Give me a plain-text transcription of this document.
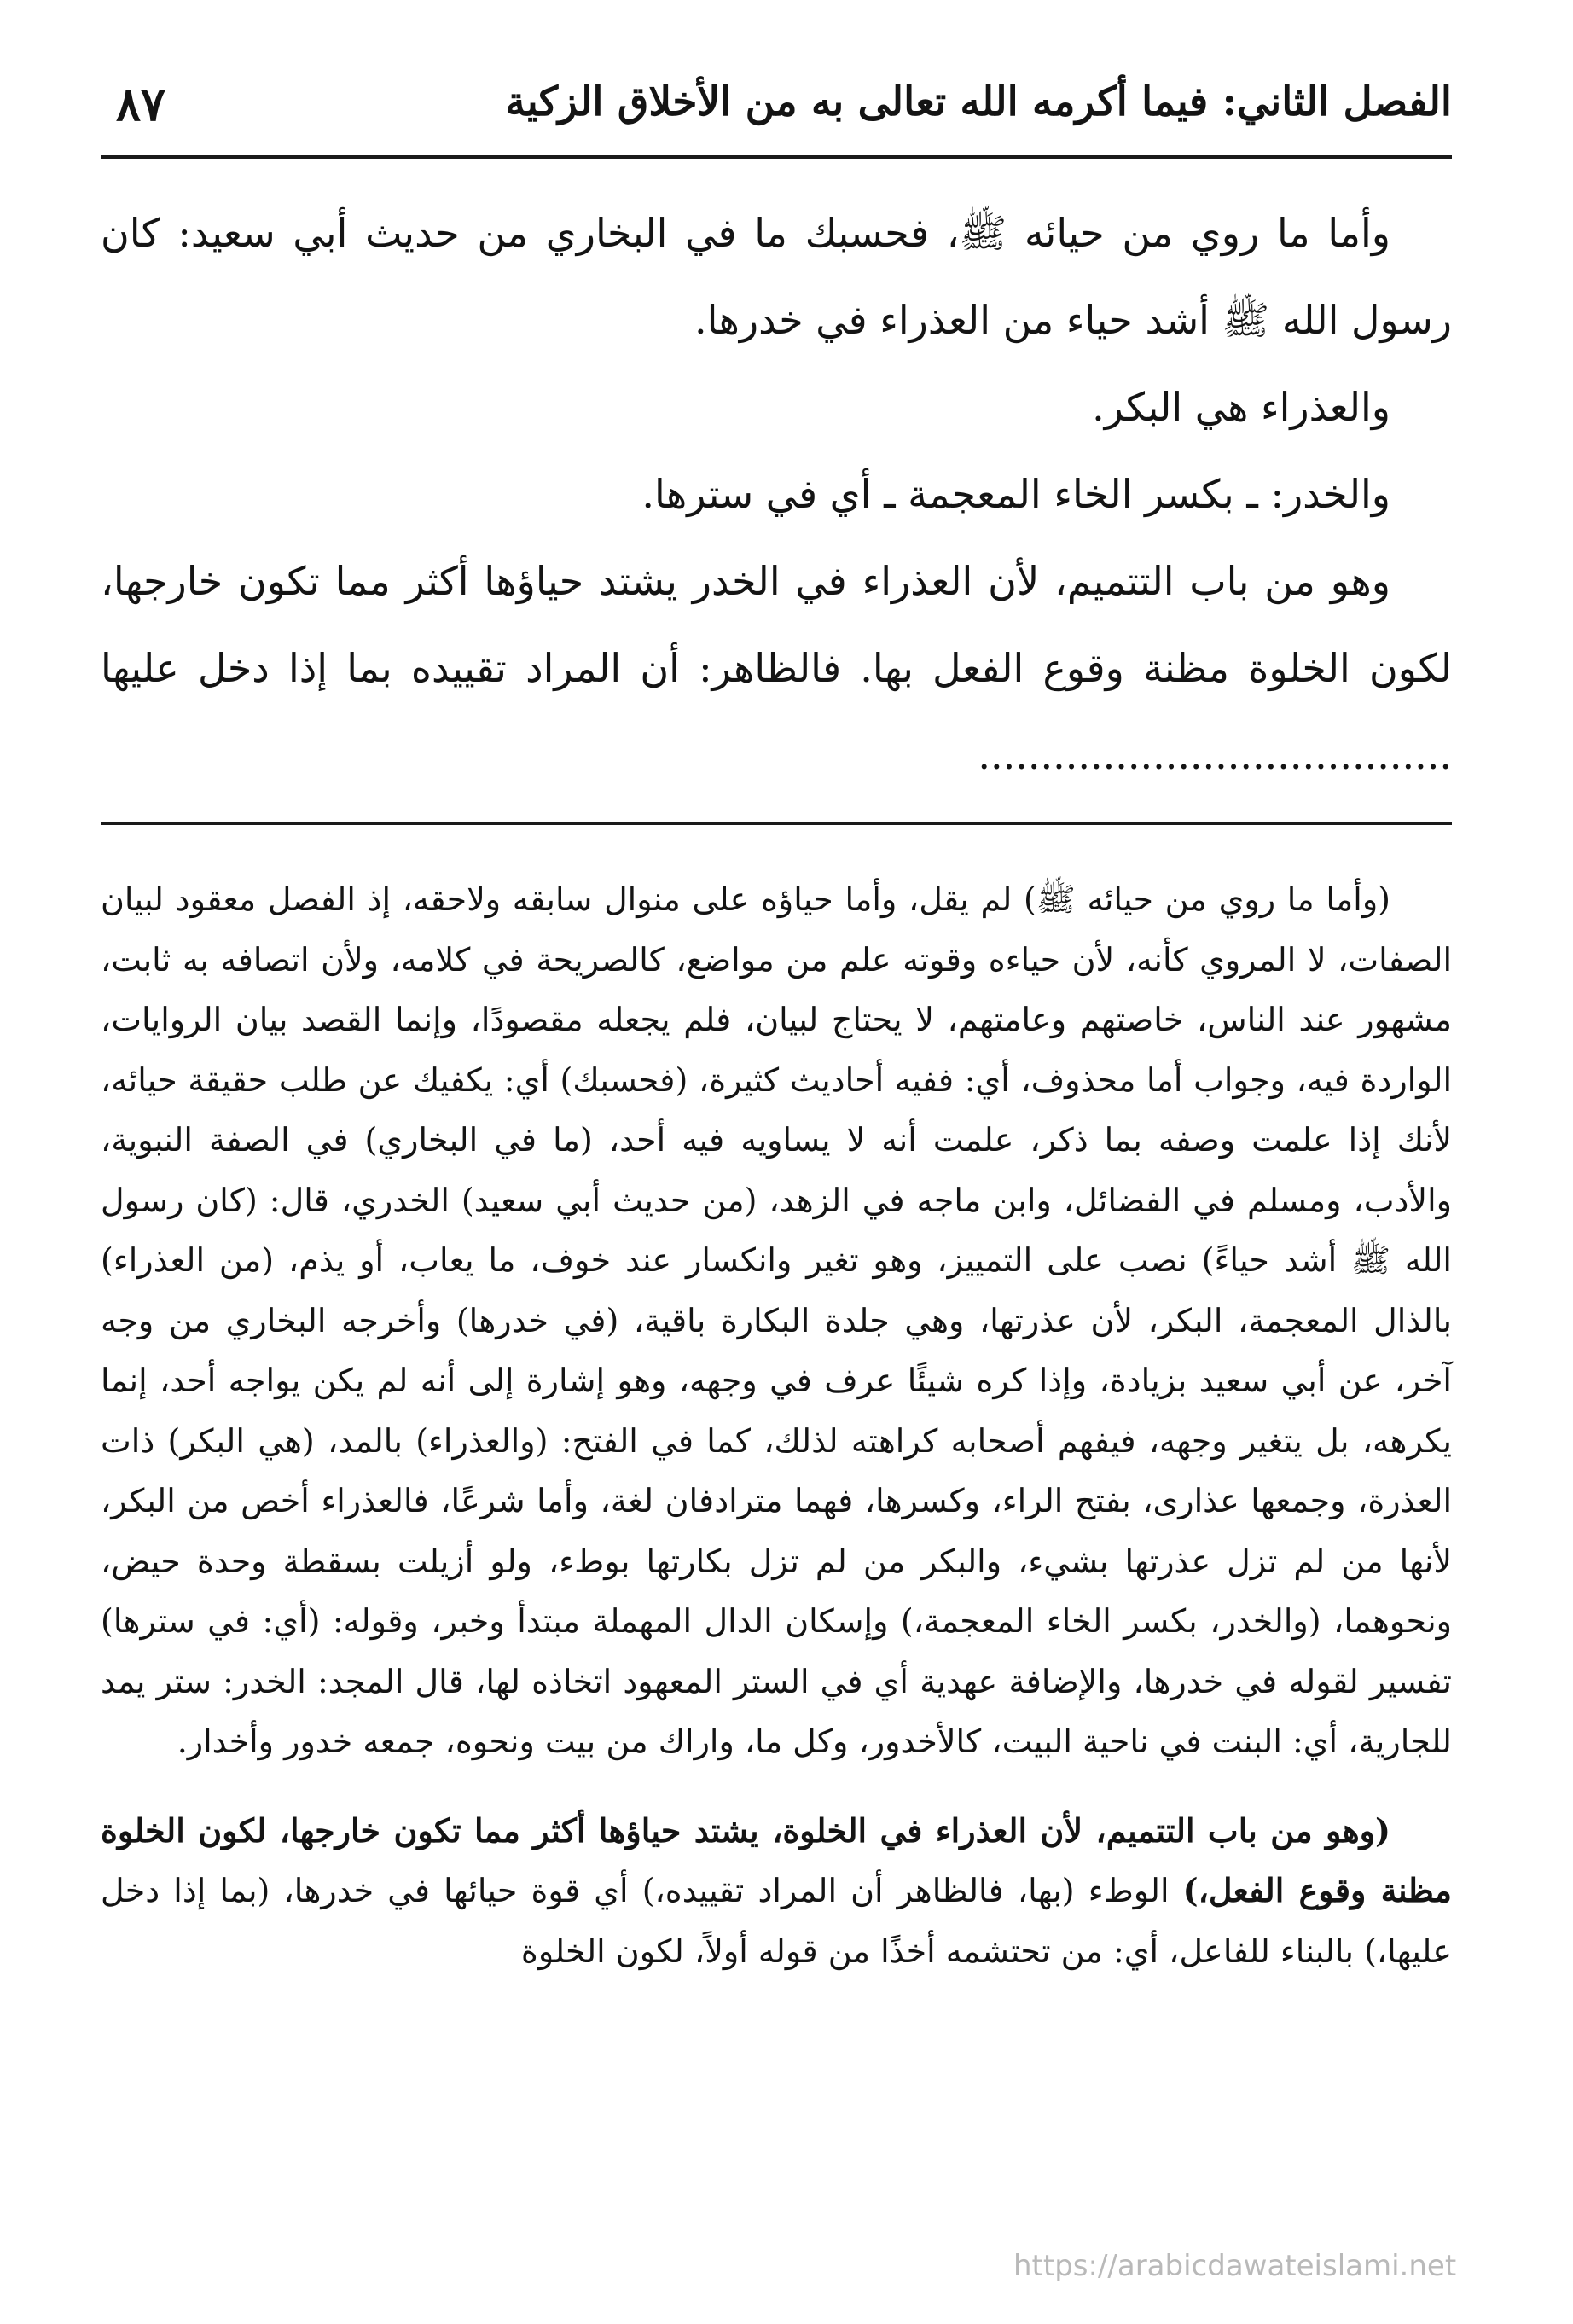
الفصل الثاني: فيما أكرمه الله تعالى به من الأخلاق الزكية
٨٧

وأما ما روي من حيائه ﷺ، فحسبك ما في البخاري من حديث أبي سعيد: كان رسول الله ﷺ أشد حياء من العذراء في خدرها.

والعذراء هي البكر.

والخدر: ـ بكسر الخاء المعجمة ـ أي في سترها.

وهو من باب التتميم، لأن العذراء في الخدر يشتد حياؤها أكثر مما تكون خارجها، لكون الخلوة مظنة وقوع الفعل بها. فالظاهر: أن المراد تقييده بما إذا دخل عليها ......................................

(وأما ما روي من حيائه ﷺ) لم يقل، وأما حياؤه على منوال سابقه ولاحقه، إذ الفصل معقود لبيان الصفات، لا المروي كأنه، لأن حياءه وقوته علم من مواضع، كالصريحة في كلامه، ولأن اتصافه به ثابت، مشهور عند الناس، خاصتهم وعامتهم، لا يحتاج لبيان، فلم يجعله مقصودًا، وإنما القصد بيان الروايات، الواردة فيه، وجواب أما محذوف، أي: ففيه أحاديث كثيرة، (فحسبك) أي: يكفيك عن طلب حقيقة حيائه، لأنك إذا علمت وصفه بما ذكر، علمت أنه لا يساويه فيه أحد، (ما في البخاري) في الصفة النبوية، والأدب، ومسلم في الفضائل، وابن ماجه في الزهد، (من حديث أبي سعيد) الخدري، قال: (كان رسول الله ﷺ أشد حياءً) نصب على التمييز، وهو تغير وانكسار عند خوف، ما يعاب، أو يذم، (من العذراء) بالذال المعجمة، البكر، لأن عذرتها، وهي جلدة البكارة باقية، (في خدرها) وأخرجه البخاري من وجه آخر، عن أبي سعيد بزيادة، وإذا كره شيئًا عرف في وجهه، وهو إشارة إلى أنه لم يكن يواجه أحد، إنما يكرهه، بل يتغير وجهه، فيفهم أصحابه كراهته لذلك، كما في الفتح: (والعذراء) بالمد، (هي البكر) ذات العذرة، وجمعها عذارى، بفتح الراء، وكسرها، فهما مترادفان لغة، وأما شرعًا، فالعذراء أخص من البكر، لأنها من لم تزل عذرتها بشيء، والبكر من لم تزل بكارتها بوطء، ولو أزيلت بسقطة وحدة حيض، ونحوهما، (والخدر، بكسر الخاء المعجمة،) وإسكان الدال المهملة مبتدأ وخبر، وقوله: (أي: في سترها) تفسير لقوله في خدرها، والإضافة عهدية أي في الستر المعهود اتخاذه لها، قال المجد: الخدر: ستر يمد للجارية، أي: البنت في ناحية البيت، كالأخدور، وكل ما، واراك من بيت ونحوه، جمعه خدور وأخدار.

(وهو من باب التتميم، لأن العذراء في الخلوة، يشتد حياؤها أكثر مما تكون خارجها، لكون الخلوة مظنة وقوع الفعل،) الوطء (بها، فالظاهر أن المراد تقييده،) أي قوة حيائها في خدرها، (بما إذا دخل عليها،) بالبناء للفاعل، أي: من تحتشمه أخذًا من قوله أولاً، لكون الخلوة

https://arabicdawateislami.net
